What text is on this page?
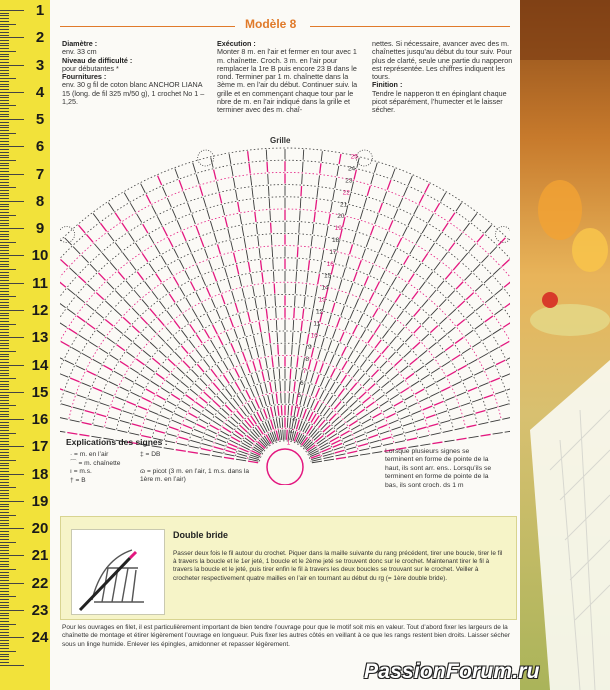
1
2
3
4
5
6
7
8
9
10
11
12
13
14
15
16
17
18
19
20
21
22
23
24
Modèle 8
Diamètre :
env. 33 cm
Niveau de difficulté :
pour débutantes *
Fournitures :
env. 30 g fil de coton blanc ANCHOR LIANA 15 (long. de fil 325 m/50 g), 1 crochet No 1 – 1,25.
Exécution :
Monter 8 m. en l’air et fermer en tour avec 1 m. chaînette. Croch. 3 m. en l’air pour remplacer la 1re B puis encore 23 B dans le rond. Terminer par 1 m. chaînette dans la 3ème m. en l’air du début. Continuer suiv. la grille et en commençant chaque tour par le nbre de m. en l’air indiqué dans la grille et terminer avec des m. chaî-
nettes. Si nécessaire, avancer avec des m. chaînettes jusqu’au début du tour suiv. Pour plus de clarté, seule une partie du napperon est représentée. Les chiffres indiquent les tours.
Finition :
Tendre le napperon tt en épinglant chaque picot séparément, l’humecter et le laisser sécher.
Grille
1
2
3
4
5
6
7
8
9
10
11
12
13
14
15
16
17
18
19
20
21
22
23
24
25
Explications des signes :
· = m. en l’air
⌒ = m. chaînette
ı = m.s.
† = B
‡ = DB
ɷ = picot (3 m. en l’air, 1 m.s. dans la 1ère m. en l’air)
Lorsque plusieurs signes se terminent en forme de pointe de la haut, ils sont arr. ens.. Lorsqu’ils se terminent en forme de pointe de la bas, ils sont croch. ds 1 m
Double bride
Passer deux fois le fil autour du crochet. Piquer dans la maille suivante du rang précédent, tirer une boucle, tirer le fil à travers la boucle et le 1er jeté, 1 boucle et le 2ème jeté se trouvent donc sur le crochet. Maintenant tirer le fil à travers la boucle et le jeté, puis tirer enfin le fil à travers les deux boucles se trouvant sur le crochet. Veiller à crocheter respectivement quatre mailles en l’air en tournant au début du rg (= 1ère double bride).
Pour les ouvrages en filet, il est particulièrement important de bien tendre l’ouvrage pour que le motif soit mis en valeur. Tout d’abord fixer les largeurs de la chaînette de montage et étirer légèrement l’ouvrage en longueur. Puis fixer les autres côtés en veillant à ce que les rangs restent bien droits. Laisser sécher sous un linge humide. Enlever les épingles, amidonner et repasser légèrement.
PassionForum.ru
